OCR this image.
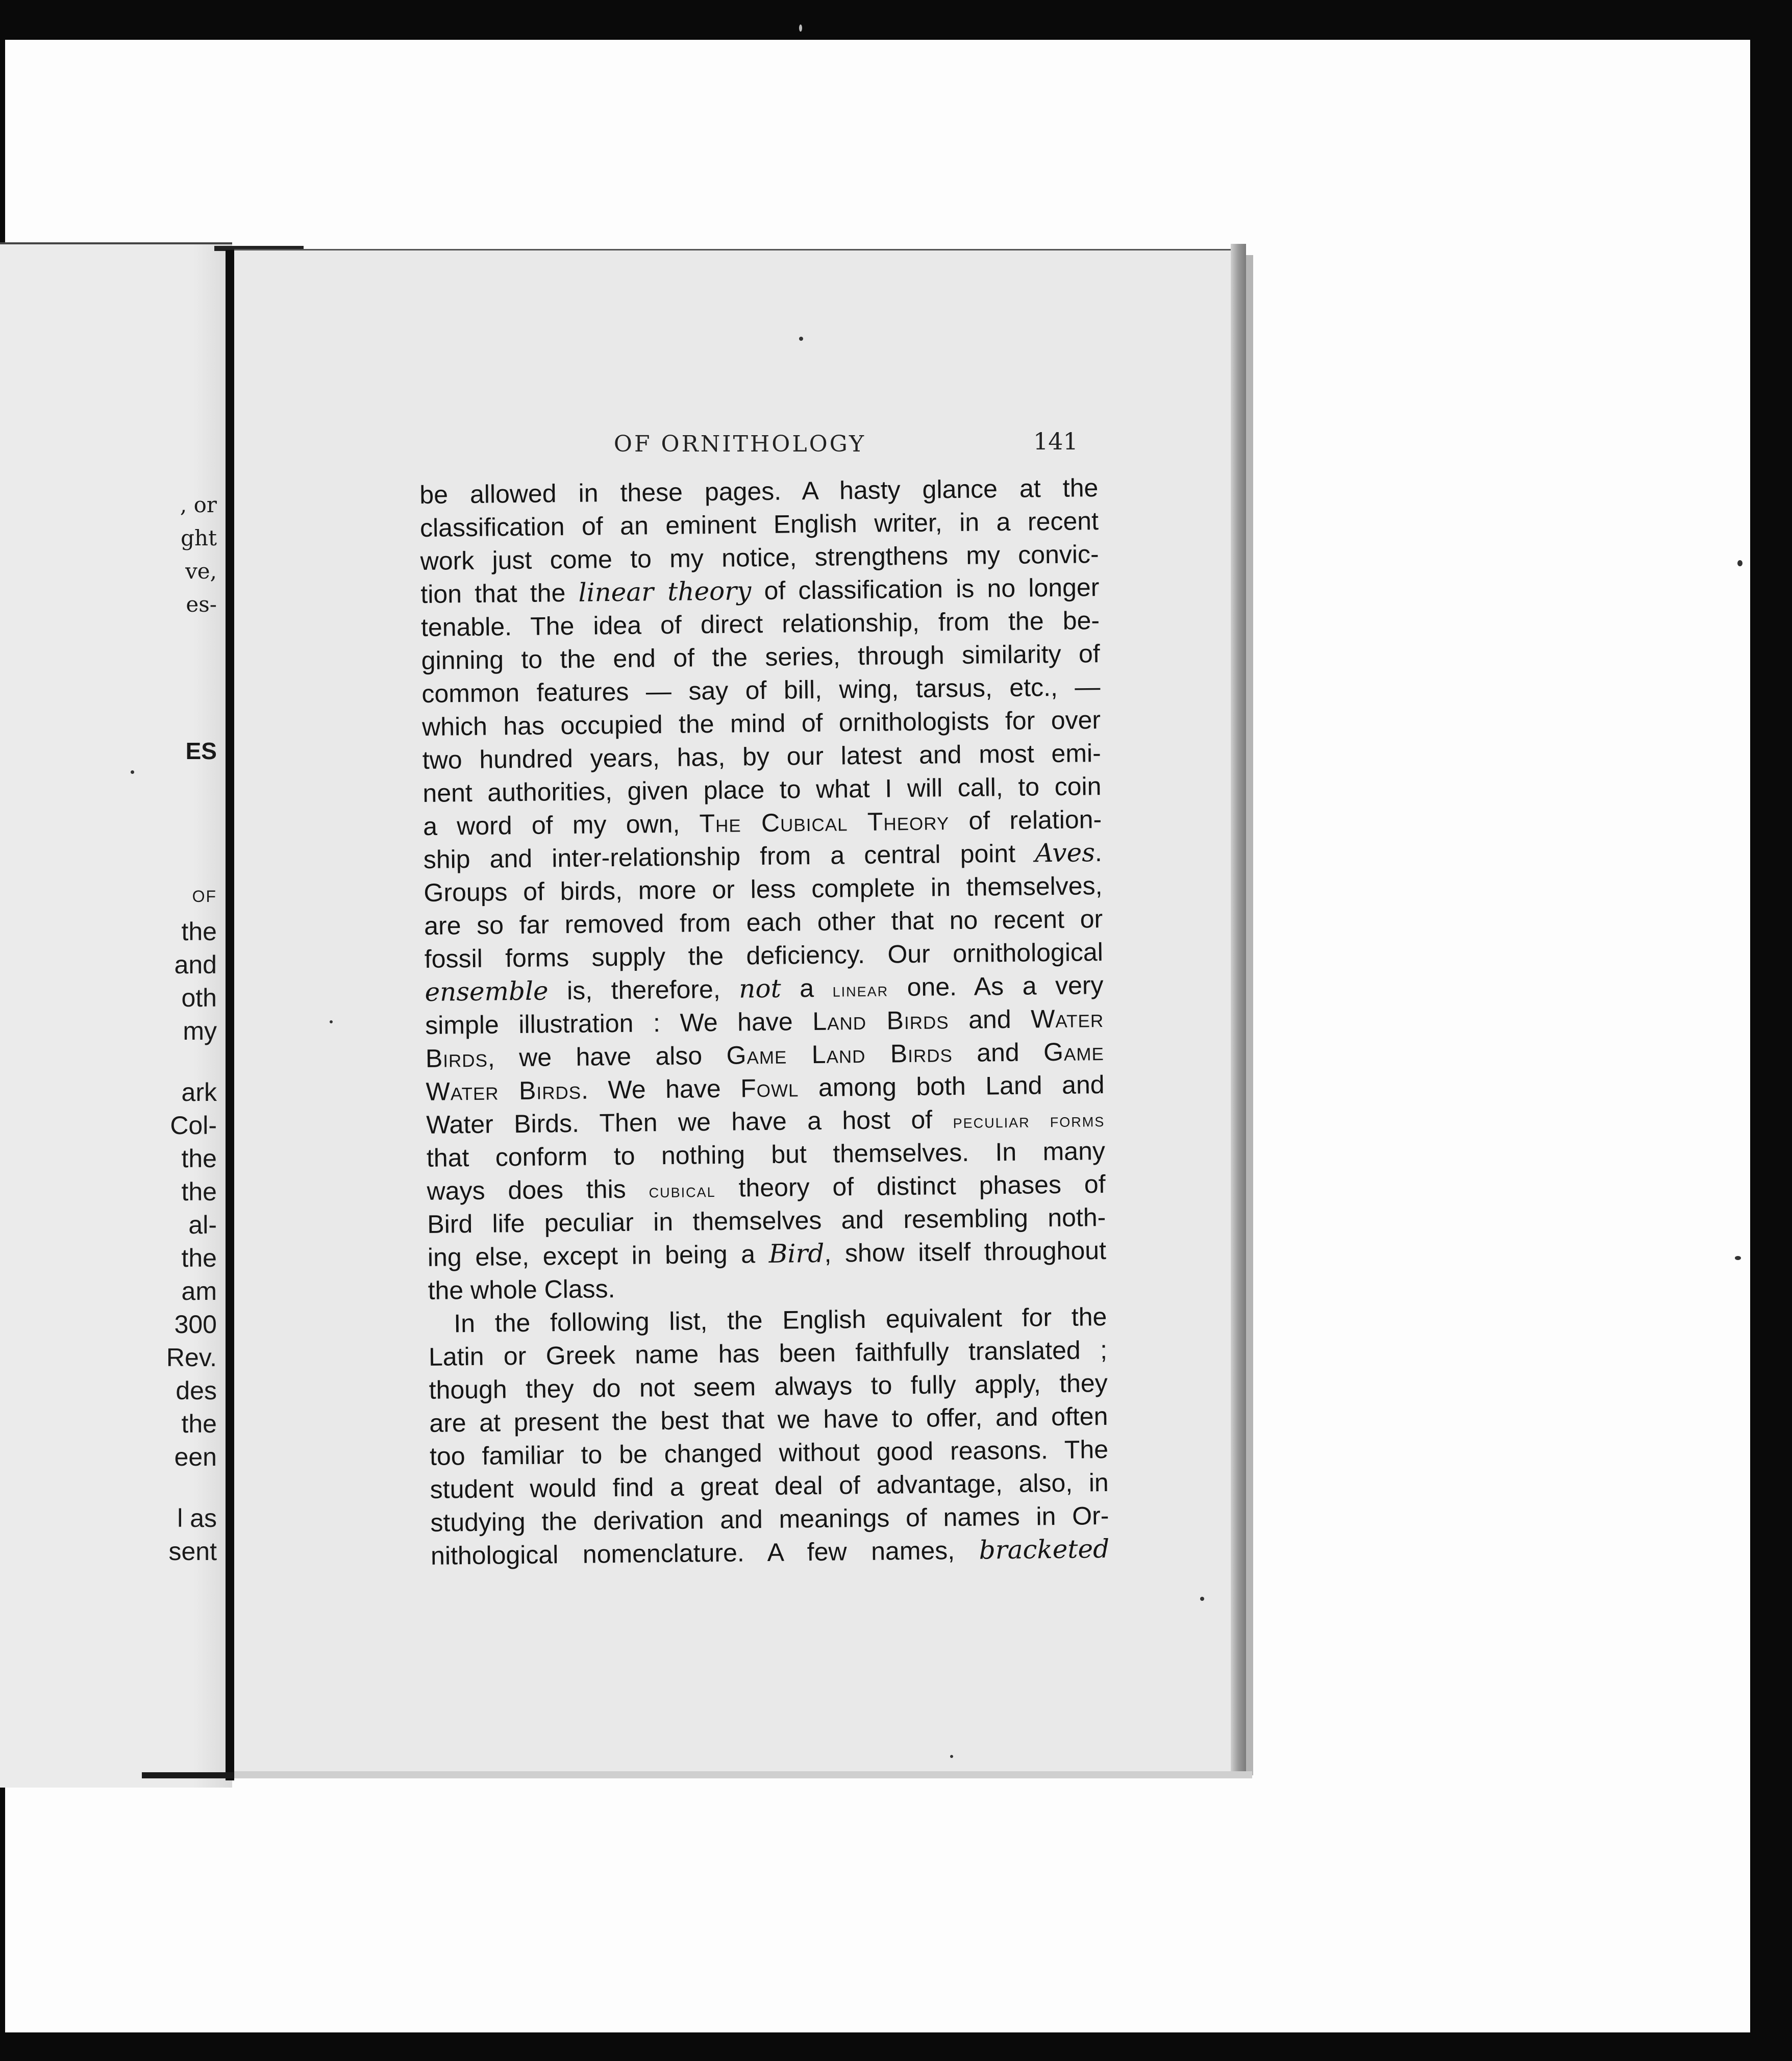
, or
ght
ve,
es-
ES
OF
the
and
oth
my
ark
Col-
the
the
al-
the
am
300
Rev.
des
the
een
l as
sent
OF ORNITHOLOGY	141
be allowed in these pages. A hasty glance at the
classification of an eminent English writer, in a recent
work just come to my notice, strengthens my convic-
tion that the linear theory of classification is no longer
tenable. The idea of direct relationship, from the be-
ginning to the end of the series, through similarity of
common features — say of bill, wing, tarsus, etc., —
which has occupied the mind of ornithologists for over
two hundred years, has, by our latest and most emi-
nent authorities, given place to what I will call, to coin
a word of my own, The Cubical Theory of relation-
ship and inter-relationship from a central point Aves.
Groups of birds, more or less complete in themselves,
are so far removed from each other that no recent or
fossil forms supply the deficiency. Our ornithological
ensemble is, therefore, not a linear one. As a very
simple illustration : We have Land Birds and Water
Birds, we have also Game Land Birds and Game
Water Birds. We have Fowl among both Land and
Water Birds. Then we have a host of peculiar forms
that conform to nothing but themselves. In many
ways does this cubical theory of distinct phases of
Bird life peculiar in themselves and resembling noth-
ing else, except in being a Bird, show itself throughout
the whole Class.
In the following list, the English equivalent for the
Latin or Greek name has been faithfully translated ;
though they do not seem always to fully apply, they
are at present the best that we have to offer, and often
too familiar to be changed without good reasons. The
student would find a great deal of advantage, also, in
studying the derivation and meanings of names in Or-
nithological nomenclature. A few names, bracketed
